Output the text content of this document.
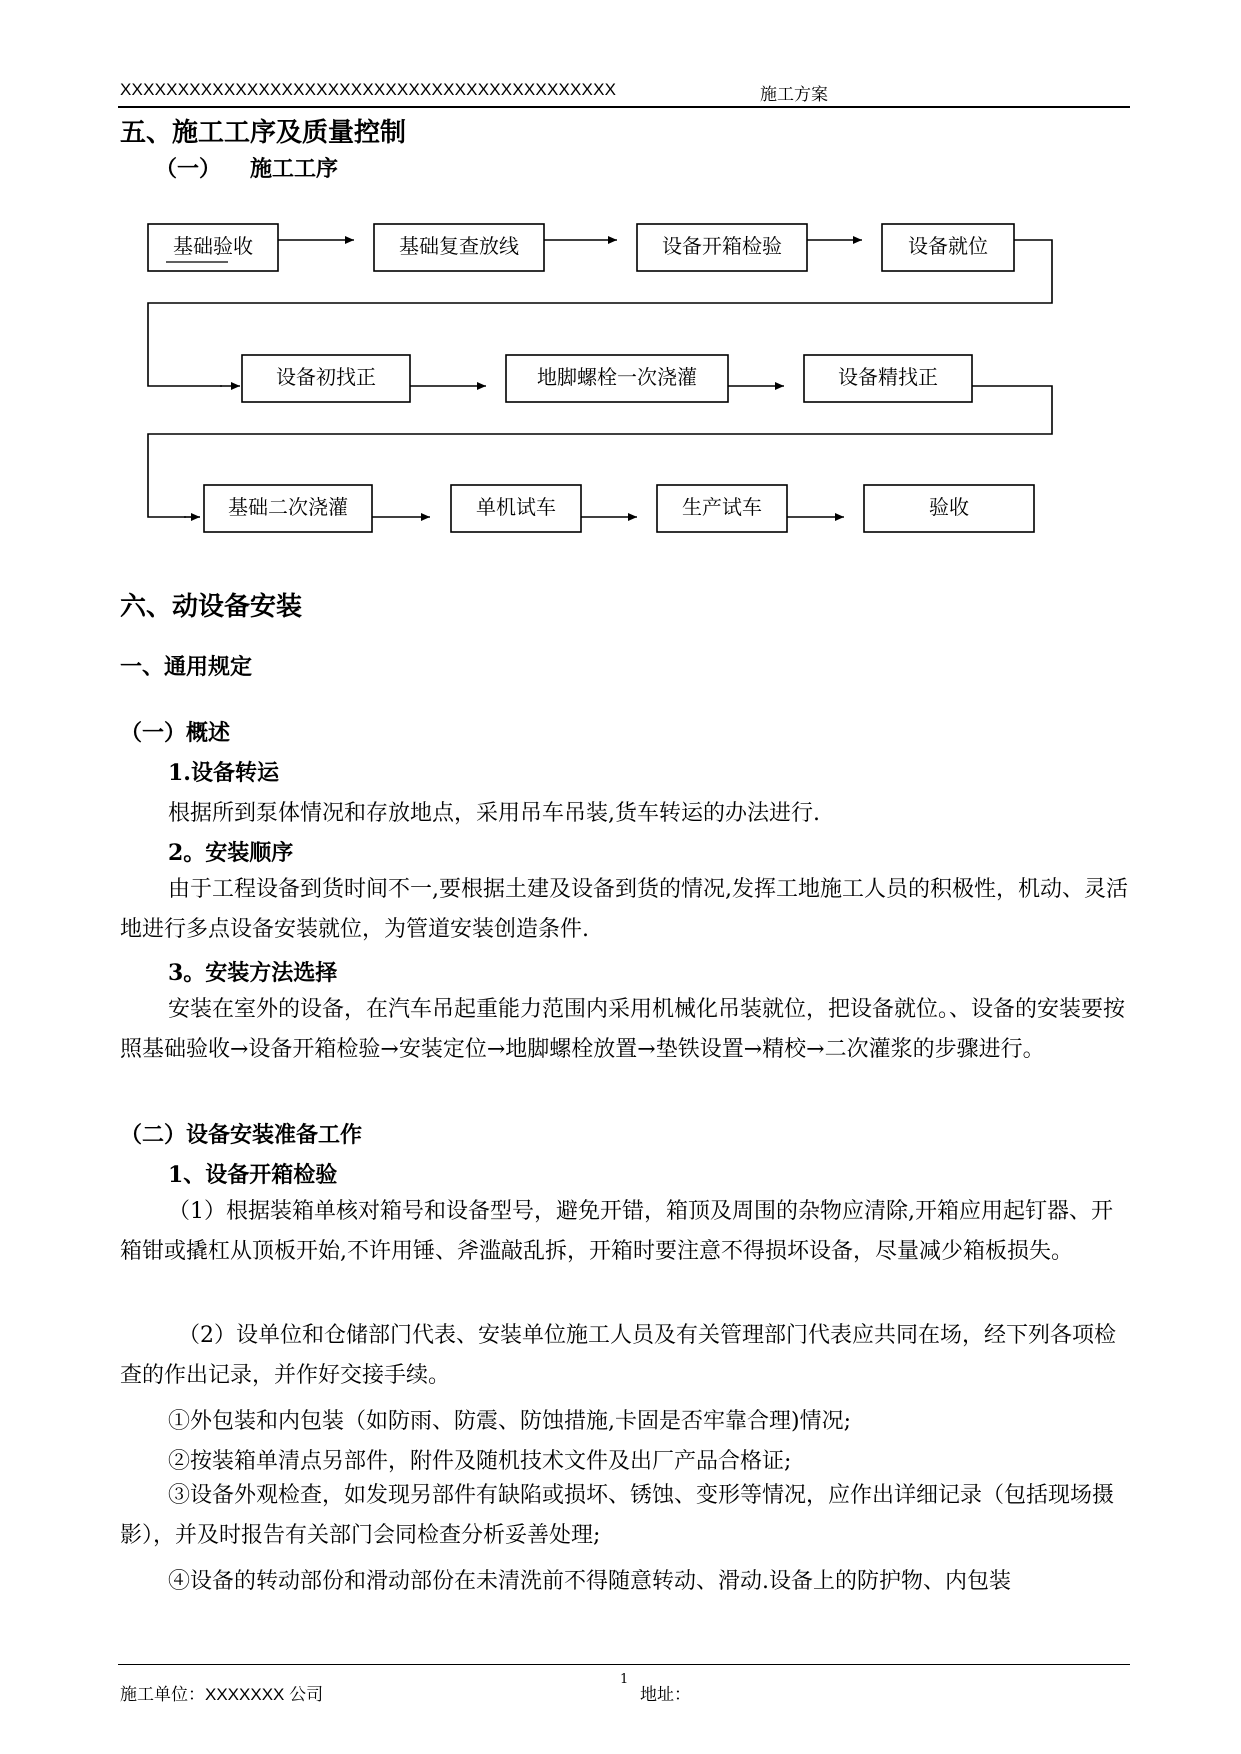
XXXXXXXXXXXXXXXXXXXXXXXXXXXXXXXXXXXXXXXXXXX	施工方案
五、施工工序及质量控制
（一） 施工工序
基础验收	基础复查放线	设备开箱检验	设备就位
设备初找正	地脚螺栓一次浇灌	设备精找正
基础二次浇灌	单机试车	生产试车	验收
六、动设备安装
一、通用规定
（一）概述
1.设备转运
根据所到泵体情况和存放地点，采用吊车吊装,货车转运的办法进行.
2。安装顺序
由于工程设备到货时间不一,要根据土建及设备到货的情况,发挥工地施工人员的积极性，机动、灵活地进行多点设备安装就位，为管道安装创造条件.
3。安装方法选择
安装在室外的设备，在汽车吊起重能力范围内采用机械化吊装就位，把设备就位。、设备的安装要按照基础验收→设备开箱检验→安装定位→地脚螺栓放置→垫铁设置→精校→二次灌浆的步骤进行。
（二）设备安装准备工作
1、设备开箱检验
（1）根据装箱单核对箱号和设备型号，避免开错，箱顶及周围的杂物应清除,开箱应用起钉器、开箱钳或撬杠从顶板开始,不许用锤、斧滥敲乱拆，开箱时要注意不得损坏设备，尽量减少箱板损失。
（2）设单位和仓储部门代表、安装单位施工人员及有关管理部门代表应共同在场，经下列各项检查的作出记录，并作好交接手续。
①外包装和内包装（如防雨、防震、防蚀措施,卡固是否牢靠合理)情况;
②按装箱单清点另部件，附件及随机技术文件及出厂产品合格证;
③设备外观检查，如发现另部件有缺陷或损坏、锈蚀、变形等情况，应作出详细记录（包括现场摄影），并及时报告有关部门会同检查分析妥善处理;
④设备的转动部份和滑动部份在未清洗前不得随意转动、滑动.设备上的防护物、内包装
施工单位：XXXXXXX 公司
1
地址：
